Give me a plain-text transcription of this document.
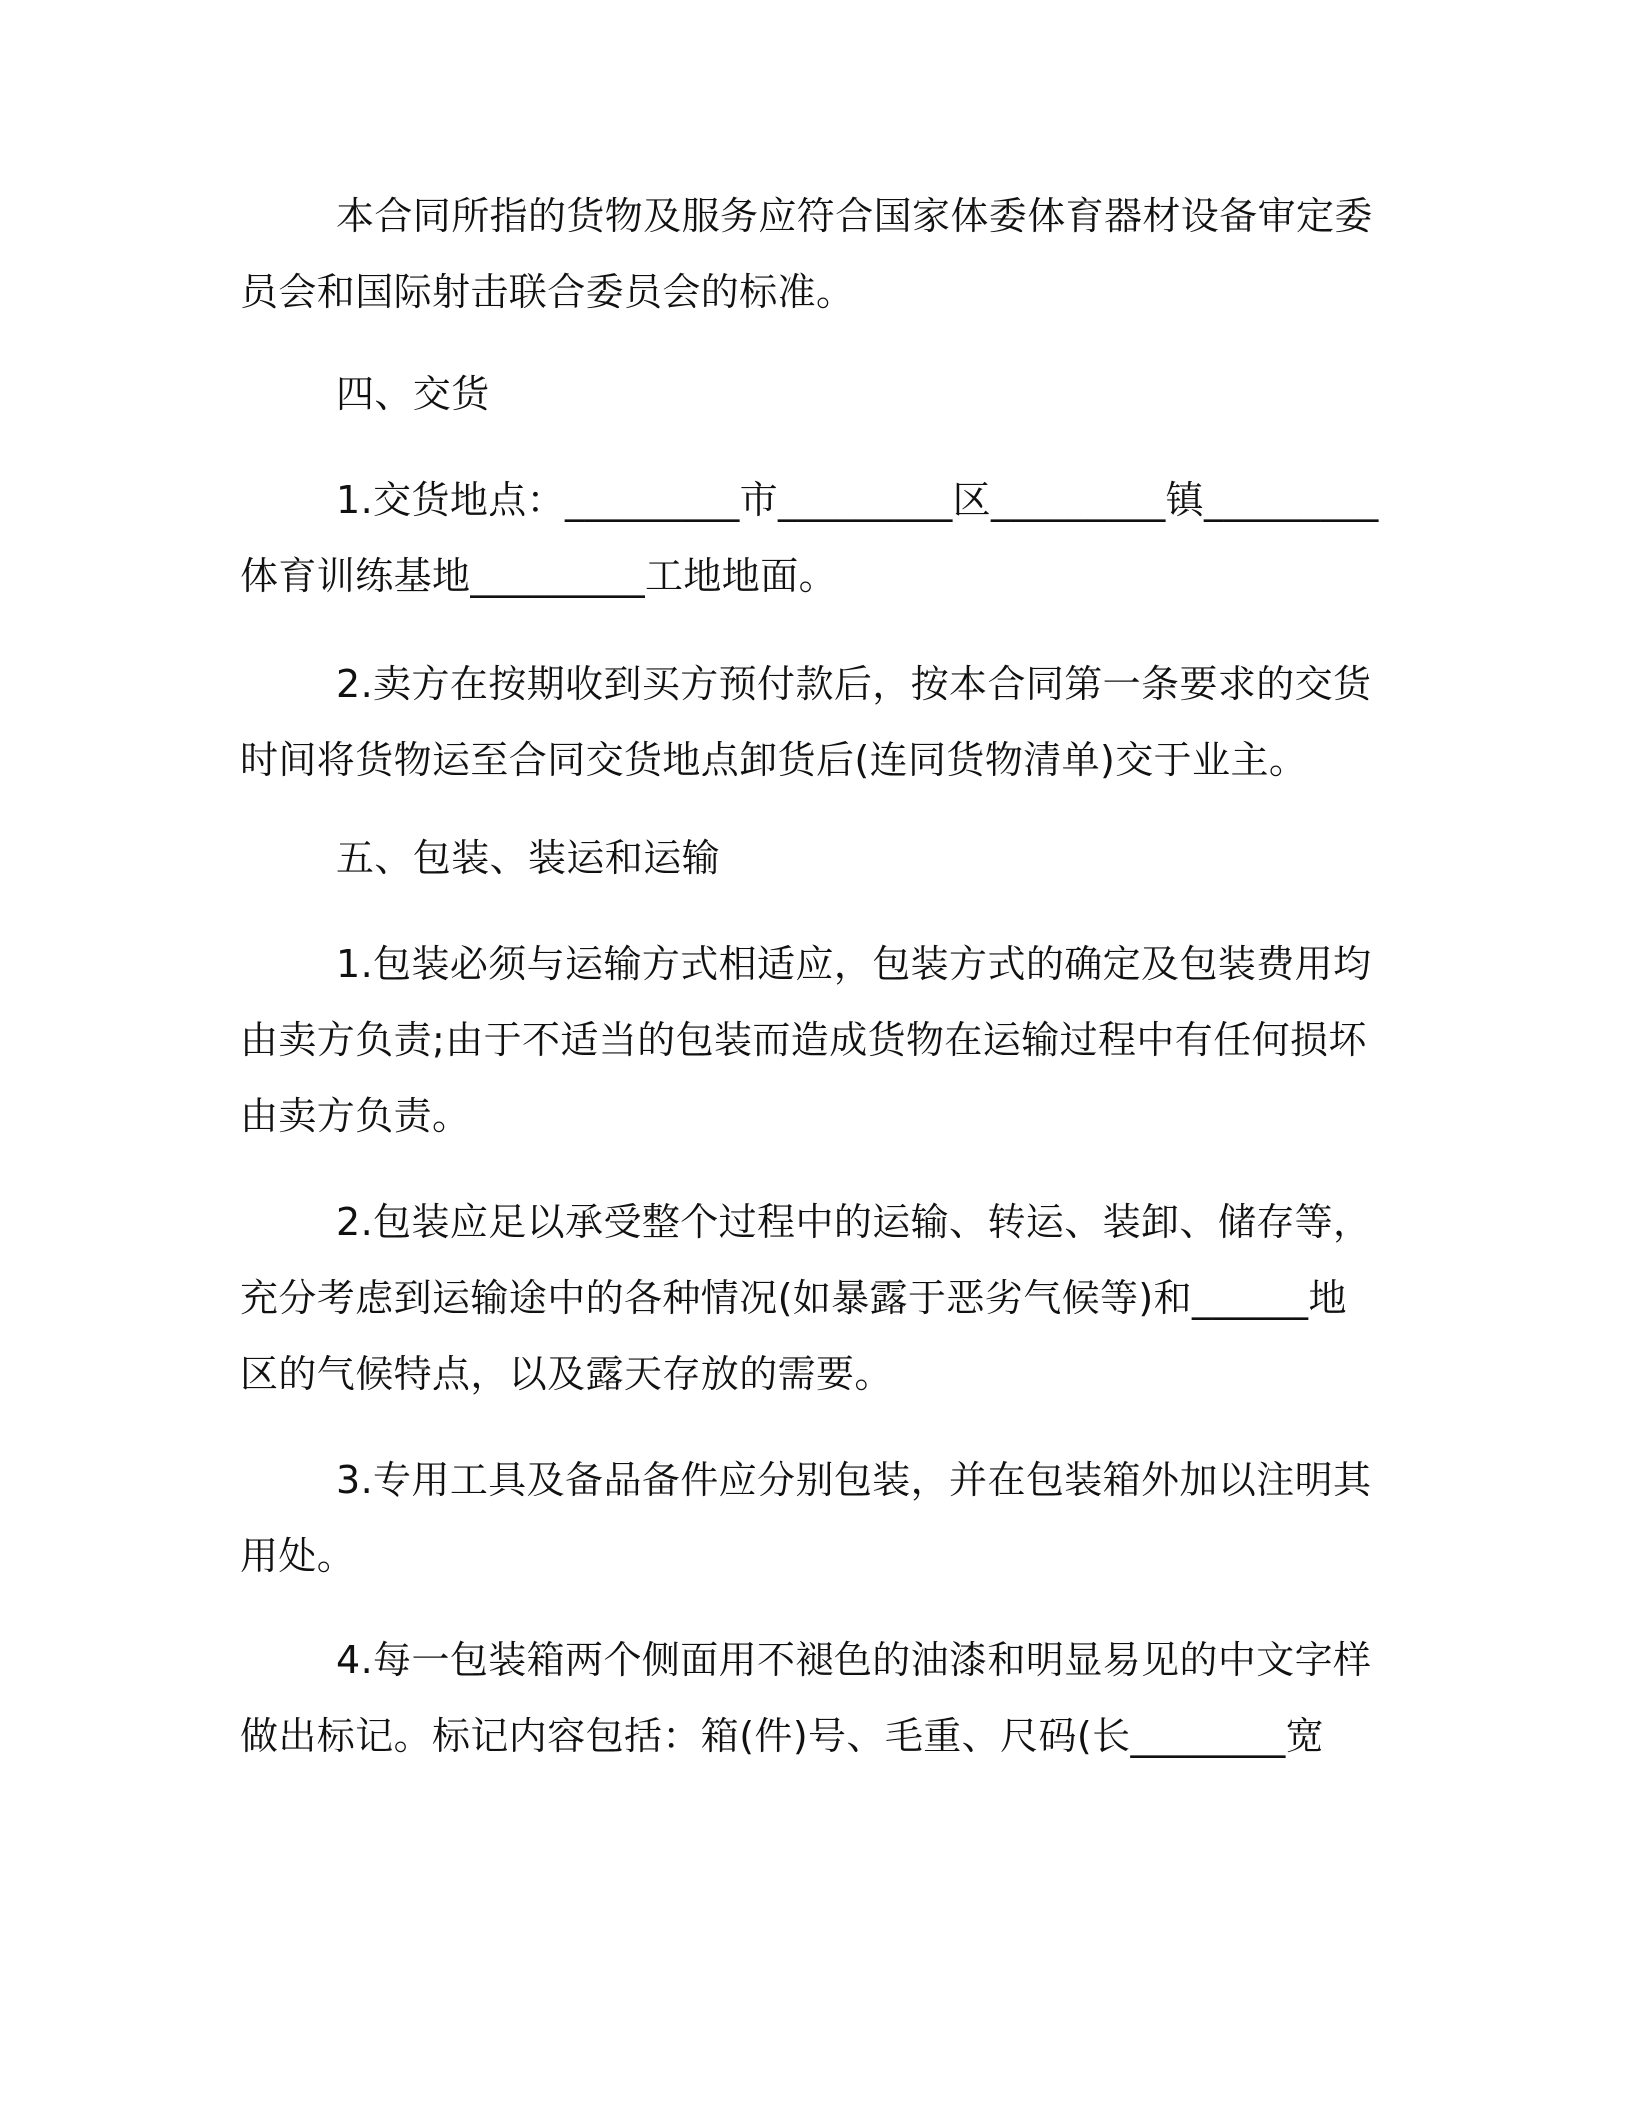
本合同所指的货物及服务应符合国家体委体育器材设备审定委员会和国际射击联合委员会的标准。

四、交货

1.交货地点：_________市_________区_________镇_________体育训练基地_________工地地面。

2.卖方在按期收到买方预付款后，按本合同第一条要求的交货时间将货物运至合同交货地点卸货后(连同货物清单)交于业主。

五、包装、装运和运输

1.包装必须与运输方式相适应，包装方式的确定及包装费用均由卖方负责;由于不适当的包装而造成货物在运输过程中有任何损坏由卖方负责。

2.包装应足以承受整个过程中的运输、转运、装卸、储存等，充分考虑到运输途中的各种情况(如暴露于恶劣气候等)和______地区的气候特点，以及露天存放的需要。

3.专用工具及备品备件应分别包装，并在包装箱外加以注明其用处。

4.每一包装箱两个侧面用不褪色的油漆和明显易见的中文字样做出标记。标记内容包括：箱(件)号、毛重、尺码(长________宽
